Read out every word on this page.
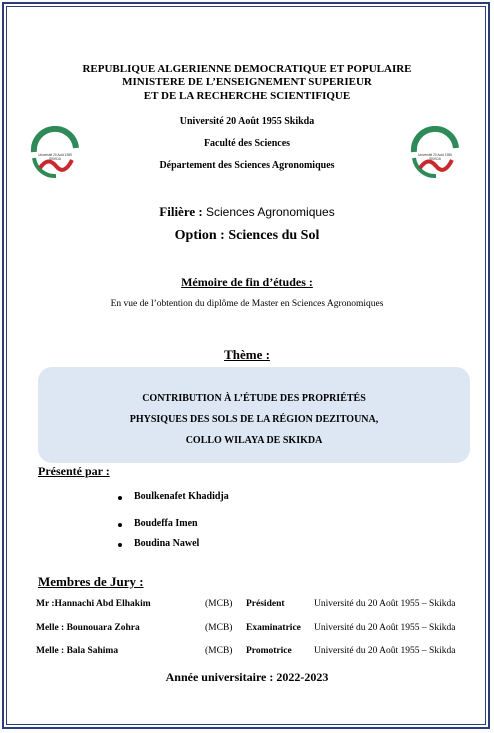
REPUBLIQUE ALGERIENNE DEMOCRATIQUE ET POPULAIRE
MINISTERE DE L’ENSEIGNEMENT SUPERIEUR
ET DE LA RECHERCHE SCIENTIFIQUE
Université 20 Août 1955 Skikda
Faculté des Sciences
Département des Sciences Agronomiques
Université 20 Août 1955
SKIKDA
Université 20 Août 1955
SKIKDA
Filière : Sciences Agronomiques
Option : Sciences du Sol
Mémoire de fin d’études :
En vue de l’obtention du diplôme de Master en Sciences Agronomiques
Thème :
CONTRIBUTION À L’ÉTUDE DES PROPRIÉTÉS
PHYSIQUES DES SOLS DE LA RÉGION DEZITOUNA,
COLLO WILAYA DE SKIKDA
Présenté par :
Boulkenafet Khadidja
Boudeffa Imen
Boudina Nawel
Membres de Jury :
Mr :Hannachi Abd Elhakim	(MCB) Président	Université du 20 Août 1955 – Skikda
Melle : Bounouara Zohra	(MCB) Examinatrice Université du 20 Août 1955 – Skikda
Melle : Bala Sahima	(MCB) Promotrice Université du 20 Août 1955 – Skikda
Année universitaire : 2022-2023
